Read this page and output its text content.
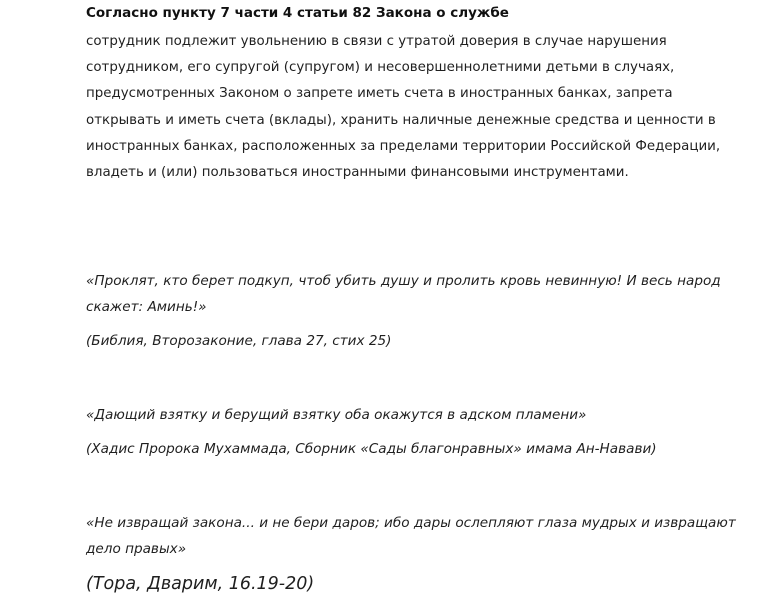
Согласно пункту 7 части 4 статьи 82 Закона о службе
сотрудник подлежит увольнению в связи с утратой доверия в случае нарушения
сотрудником, его супругой (супругом) и несовершеннолетними детьми в случаях,
предусмотренных Законом о запрете иметь счета в иностранных банках, запрета
открывать и иметь счета (вклады), хранить наличные денежные средства и ценности в
иностранных банках, расположенных за пределами территории Российской Федерации,
владеть и (или) пользоваться иностранными финансовыми инструментами.
«Проклят, кто берет подкуп, чтоб убить душу и пролить кровь невинную! И весь народ
скажет: Аминь!»
(Библия, Второзаконие, глава 27, стих 25)
«Дающий взятку и берущий взятку оба окажутся в адском пламени»
(Хадис Пророка Мухаммада, Сборник «Сады благонравных» имама Ан-Навави)
«Не извращай закона... и не бери даров; ибо дары ослепляют глаза мудрых и извращают
дело правых»
(Тора, Дварим, 16.19-20)
